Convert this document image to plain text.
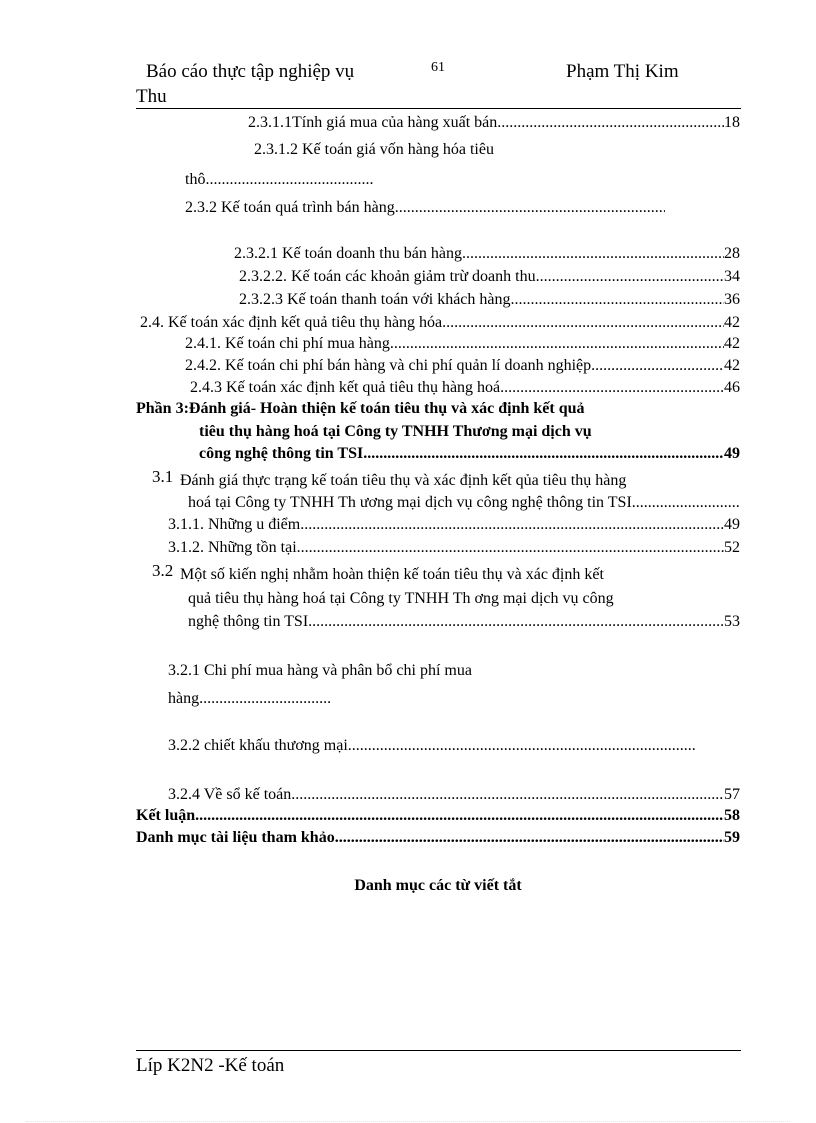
Báo cáo thực tập nghiệp vụ	61	Phạm Thị Kim
Thu
2.3.1.1Tính giá mua của hàng xuất bán .....	18
2.3.1.2 Kế toán giá vốn hàng hóa tiêu
thô
.....
2.3.2 Kế toán quá trình bán hàng
.....
2.3.2.1 Kế toán doanh thu bán hàng .....	28
2.3.2.2. Kế toán các khoản giảm trừ doanh thu .....	34
2.3.2.3 Kế toán thanh toán với khách hàng .....	36
2.4. Kế toán xác định kết quả tiêu thụ hàng hóa .....	42
2.4.1. Kế toán chi phí mua hàng .....	42
2.4.2. Kế toán chi phí bán hàng và chi phí quản lí doanh nghiệp .....	42
2.4.3 Kế toán xác định kết quả tiêu thụ hàng hoá .....	46
Phần 3:Đánh giá- Hoàn thiện kế toán tiêu thụ và xác định kết quả
tiêu thụ hàng hoá tại Công ty TNHH Thương mại dịch vụ
công nghệ thông tin TSI .....	49
3.1 Đánh giá thực trạng kế toán tiêu thụ và xác định kết qủa tiêu thụ hàng
hoá tại Công ty TNHH Th ương mại dịch vụ công nghệ thông tin TSI
.....
3.1.1. Những u điểm .....	49
3.1.2. Những tồn tại .....	52
3.2 Một số kiến nghị nhằm hoàn thiện kế toán tiêu thụ và xác định kết
quả tiêu thụ hàng hoá tại Công ty TNHH Th ơng mại dịch vụ công
nghệ thông tin TSI .....	53
3.2.1 Chi phí mua hàng và phân bổ chi phí mua
hàng
.....
3.2.2 chiết khấu thương mại
.....
3.2.4 Về sổ kế toán .....	57
Kết luận .....	58
Danh mục tài liệu tham khảo .....	59
Danh mục các từ viết tắt
Líp K2N2 -Kế toán
